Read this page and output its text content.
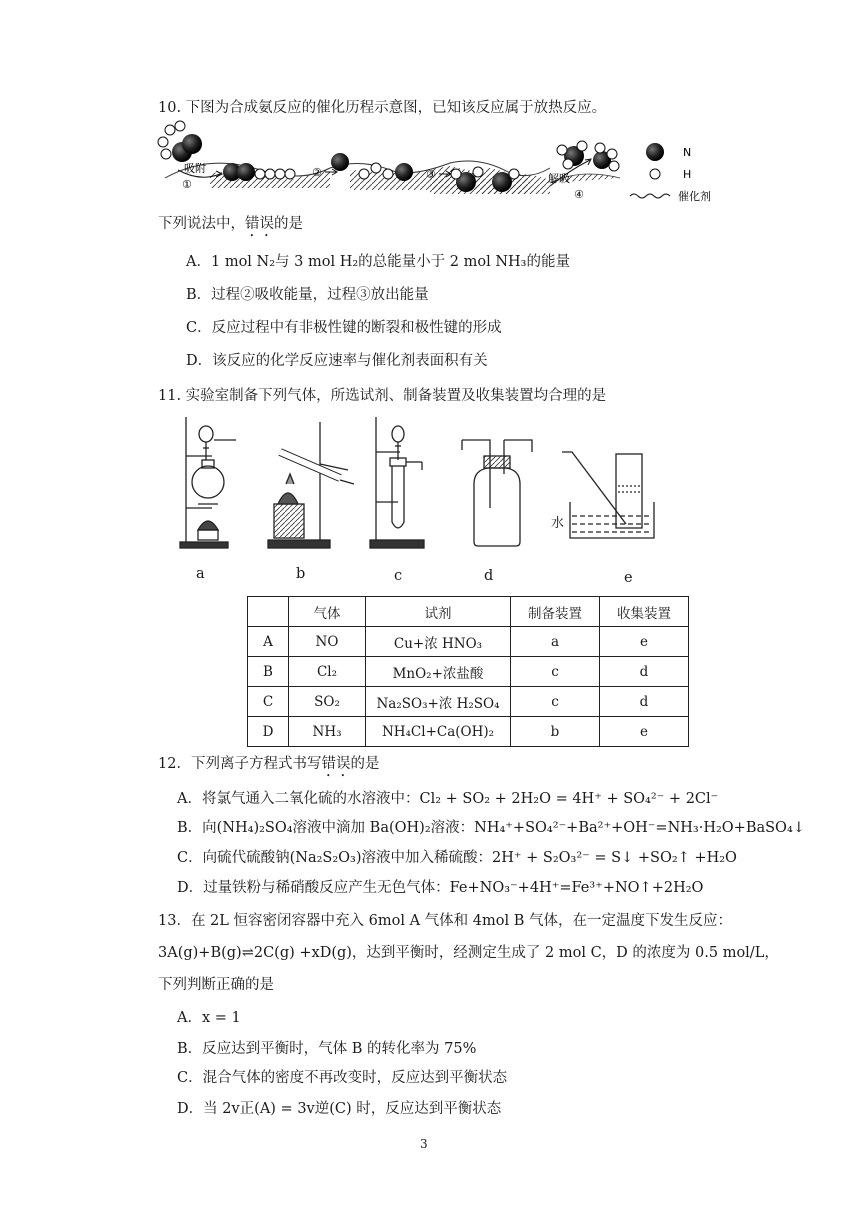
10. 下图为合成氨反应的催化历程示意图，已知该反应属于放热反应。
吸附
①
②	③	解吸
④
N
H
催化剂
下列说法中，错误的是
A．1 mol N₂与 3 mol H₂的总能量小于 2 mol NH₃的能量
B．过程②吸收能量，过程③放出能量
C．反应过程中有非极性键的断裂和极性键的形成
D．该反应的化学反应速率与催化剂表面积有关
11. 实验室制备下列气体，所选试剂、制备装置及收集装置均合理的是
水
a	b	c	d	e
	气体	试剂	制备装置	收集装置
A	NO	Cu+浓 HNO₃	a	e
B	Cl₂	MnO₂+浓盐酸	c	d
C	SO₂	Na₂SO₃+浓 H₂SO₄	c	d
D	NH₃	NH₄Cl+Ca(OH)₂	b	e
12．下列离子方程式书写错误的是
A．将氯气通入二氧化硫的水溶液中：Cl₂ + SO₂ + 2H₂O = 4H⁺ + SO₄²⁻ + 2Cl⁻
B．向(NH₄)₂SO₄溶液中滴加 Ba(OH)₂溶液：NH₄⁺+SO₄²⁻+Ba²⁺+OH⁻=NH₃·H₂O+BaSO₄↓
C．向硫代硫酸钠(Na₂S₂O₃)溶液中加入稀硫酸：2H⁺ + S₂O₃²⁻ = S↓ +SO₂↑ +H₂O
D．过量铁粉与稀硝酸反应产生无色气体：Fe+NO₃⁻+4H⁺=Fe³⁺+NO↑+2H₂O
13．在 2L 恒容密闭容器中充入 6mol A 气体和 4mol B 气体，在一定温度下发生反应：
3A(g)+B(g)⇌2C(g) +xD(g)，达到平衡时，经测定生成了 2 mol C，D 的浓度为 0.5 mol/L，
下列判断正确的是
A．x = 1
B．反应达到平衡时，气体 B 的转化率为 75%
C．混合气体的密度不再改变时，反应达到平衡状态
D．当 2v正(A) = 3v逆(C) 时，反应达到平衡状态
3
